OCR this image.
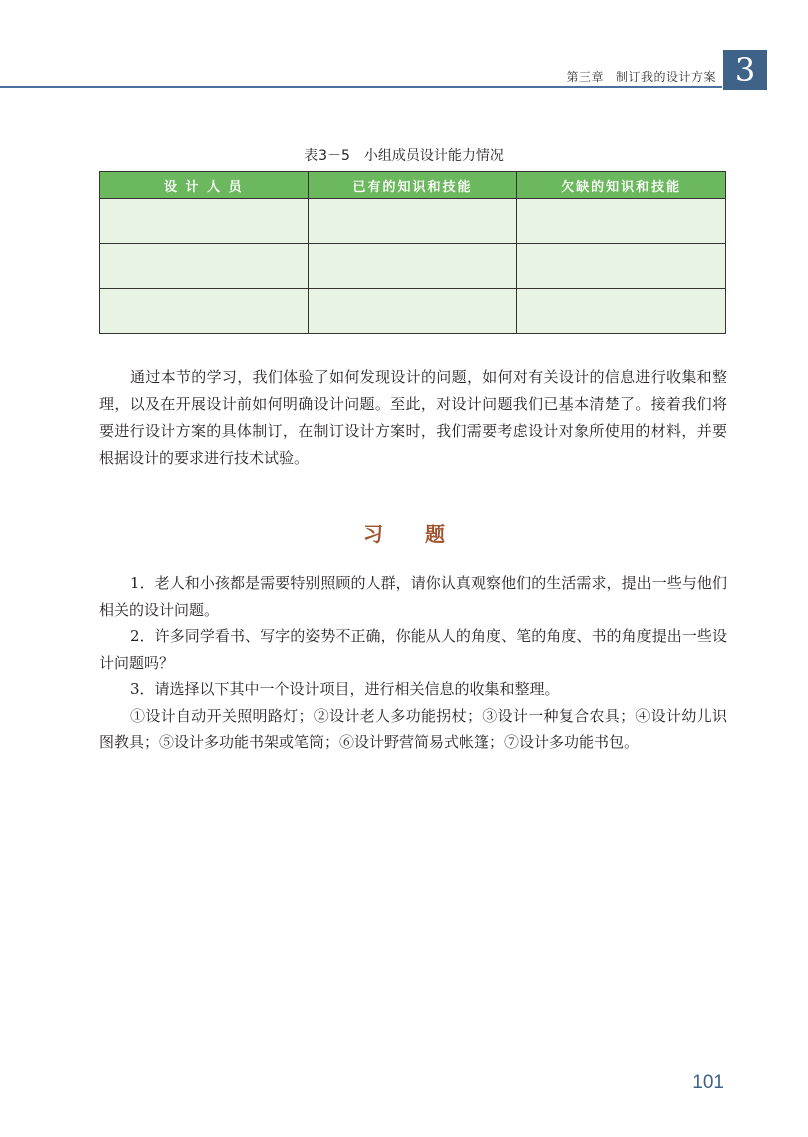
第三章 制订我的设计方案 3
表3－5 小组成员设计能力情况
设 计 人 员	已有的知识和技能	欠缺的知识和技能

通过本节的学习，我们体验了如何发现设计的问题，如何对有关设计的信息进行收集和整理，以及在开展设计前如何明确设计问题。至此，对设计问题我们已基本清楚了。接着我们将要进行设计方案的具体制订，在制订设计方案时，我们需要考虑设计对象所使用的材料，并要根据设计的要求进行技术试验。

习题

1．老人和小孩都是需要特别照顾的人群，请你认真观察他们的生活需求，提出一些与他们相关的设计问题。

2．许多同学看书、写字的姿势不正确，你能从人的角度、笔的角度、书的角度提出一些设计问题吗？

3．请选择以下其中一个设计项目，进行相关信息的收集和整理。

①设计自动开关照明路灯；②设计老人多功能拐杖；③设计一种复合农具；④设计幼儿识图教具；⑤设计多功能书架或笔筒；⑥设计野营简易式帐篷；⑦设计多功能书包。

101
